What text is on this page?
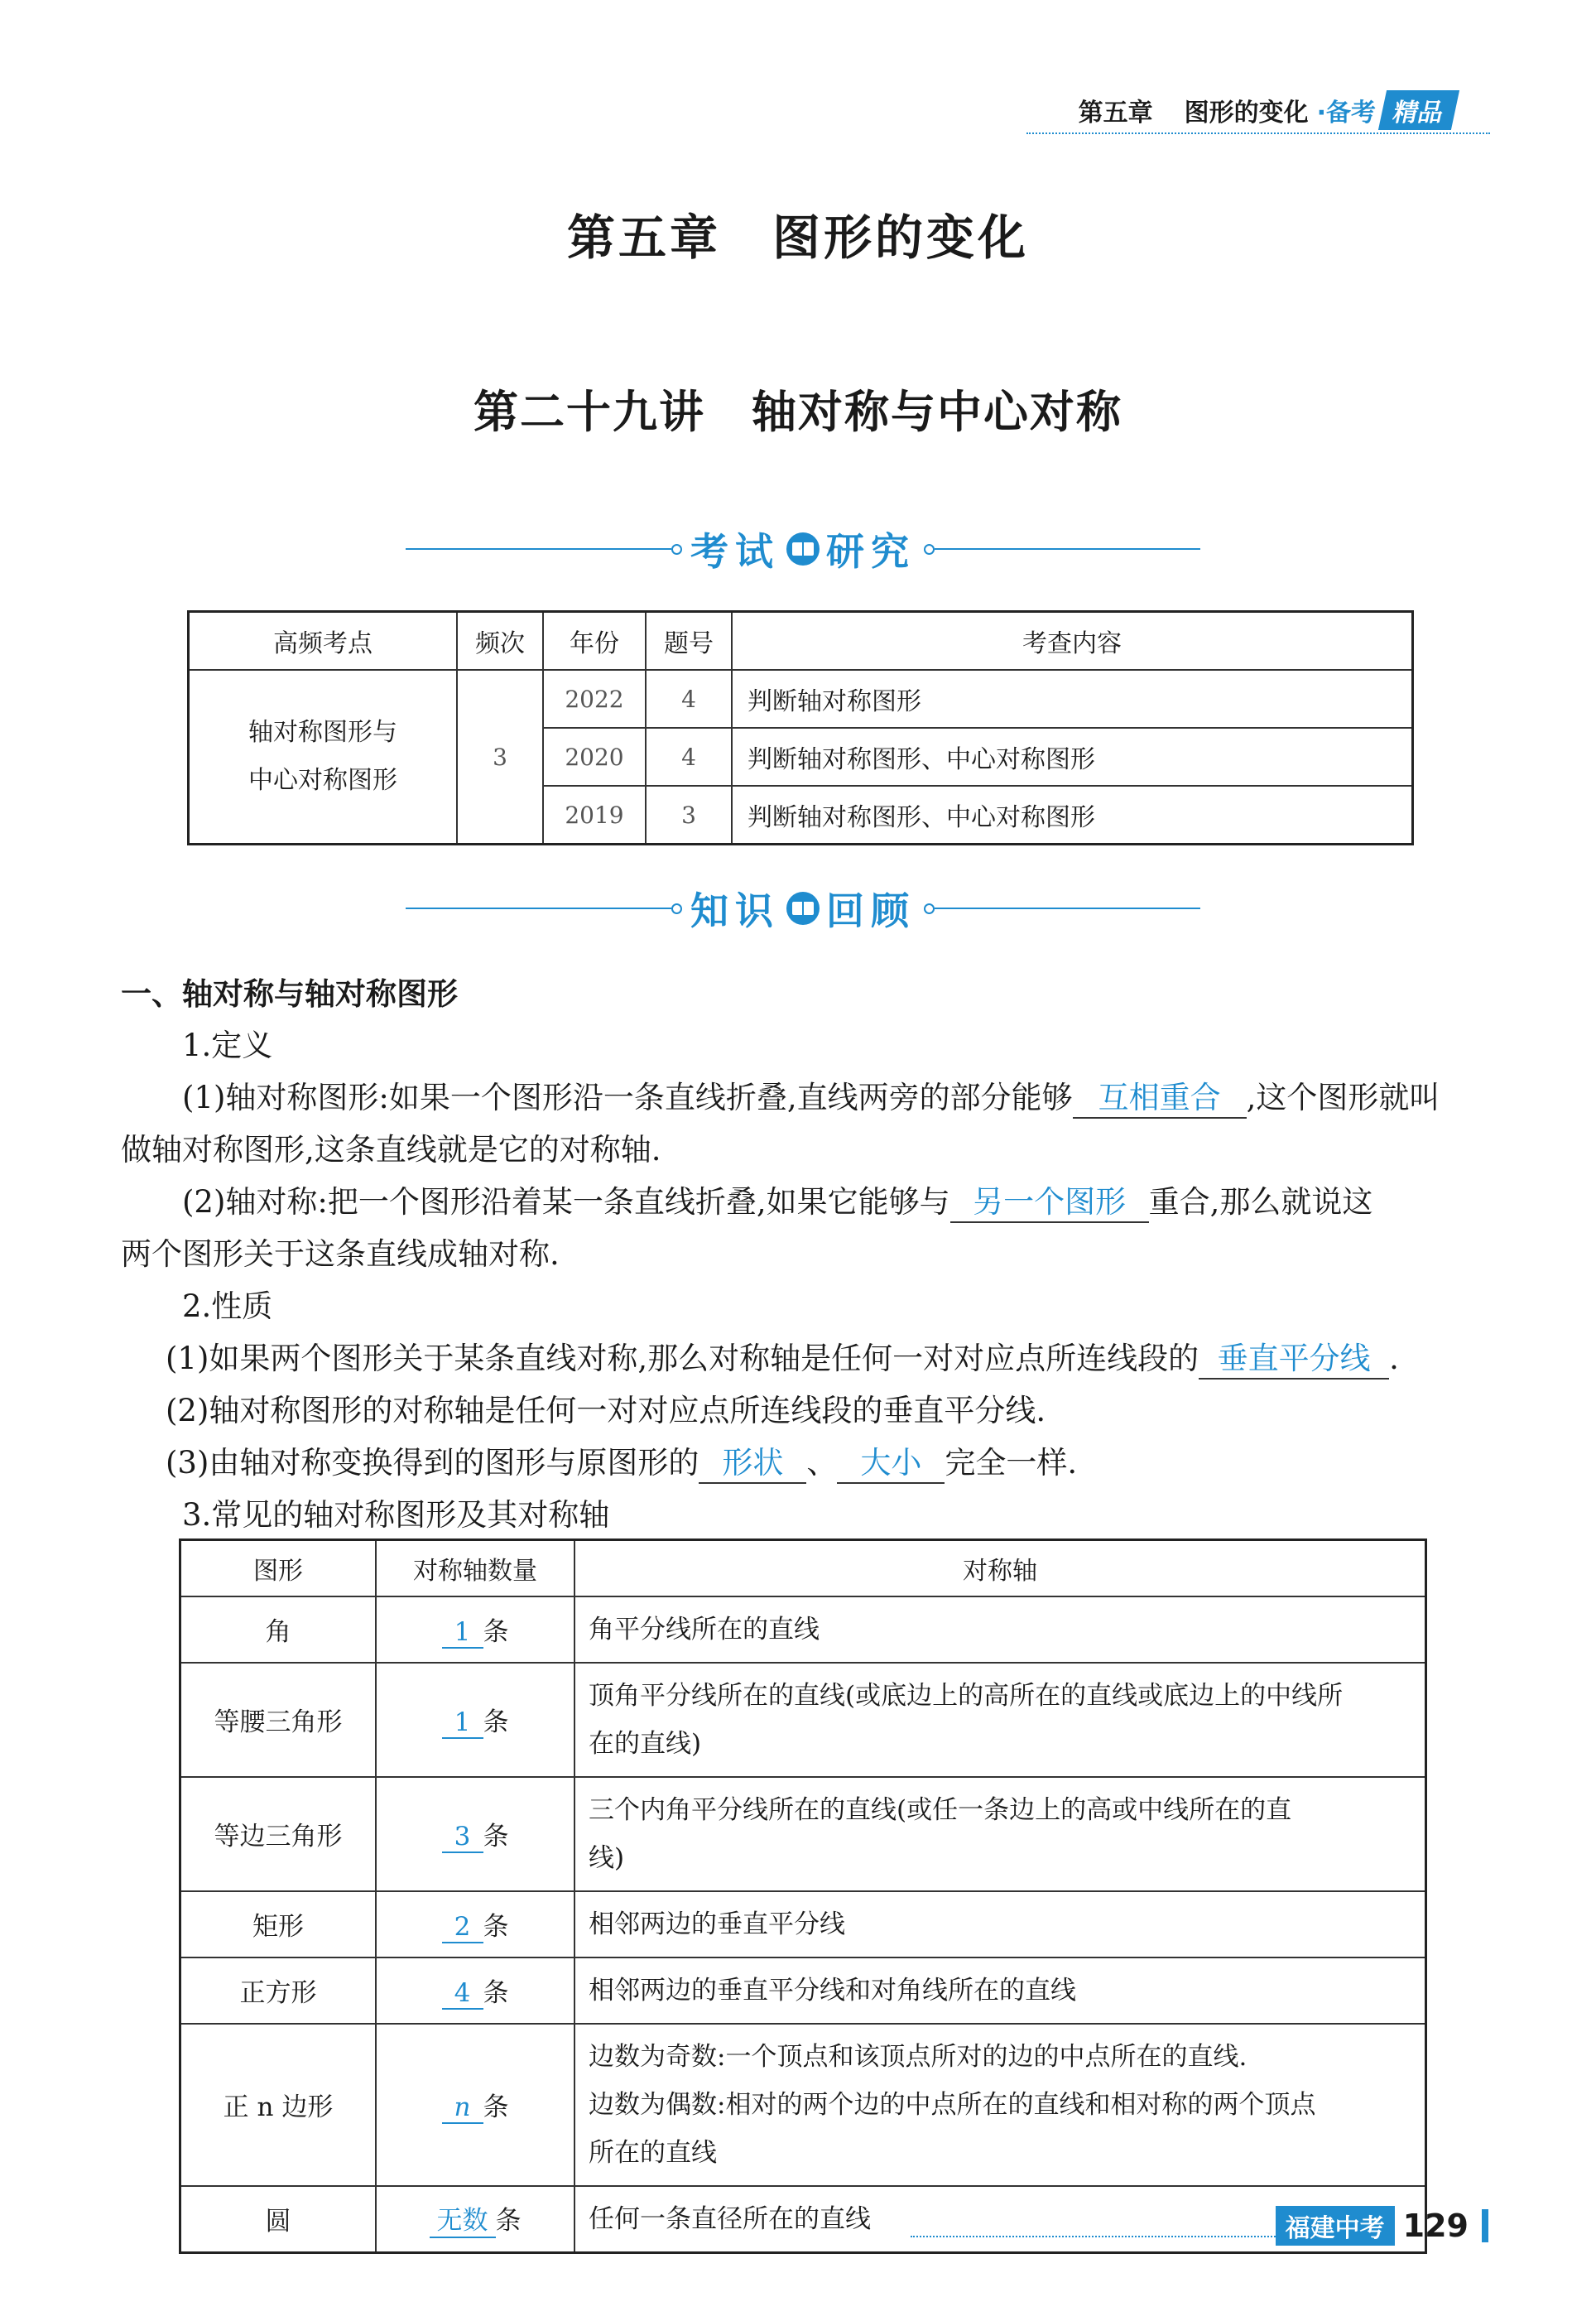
第五章 图形的变化 ·备考 精品
第五章　图形的变化
第二十九讲　轴对称与中心对称
考试 研究
高频考点	频次	年份	题号	考查内容

轴对称图形与
中心对称图形	3	2022	4	判断轴对称图形
		2020	4	判断轴对称图形、中心对称图形
		2019	3	判断轴对称图形、中心对称图形
知识 回顾
一、轴对称与轴对称图形
1.定义
(1)轴对称图形:如果一个图形沿一条直线折叠,直线两旁的部分能够 互相重合 ,这个图形就叫
做轴对称图形,这条直线就是它的对称轴.
(2)轴对称:把一个图形沿着某一条直线折叠,如果它能够与 另一个图形 重合,那么就说这
两个图形关于这条直线成轴对称.
2.性质
(1)如果两个图形关于某条直线对称,那么对称轴是任何一对对应点所连线段的 垂直平分线 .
(2)轴对称图形的对称轴是任何一对对应点所连线段的垂直平分线.
(3)由轴对称变换得到的图形与原图形的 形状 、 大小 完全一样.
3.常见的轴对称图形及其对称轴
图形	对称轴数量	对称轴
角	1 条	角平分线所在的直线

等腰三角形	1 条	顶角平分线所在的直线(或底边上的高所在的直线或底边上的中线所
在的直线)

等边三角形	3 条	三个内角平分线所在的直线(或任一条边上的高或中线所在的直
线)

矩形	2 条	相邻两边的垂直平分线

正方形	4 条	相邻两边的垂直平分线和对角线所在的直线

正 n 边形	n 条	边数为奇数:一个顶点和该顶点所对的边的中点所在的直线.
边数为偶数:相对的两个边的中点所在的直线和相对称的两个顶点
所在的直线

圆	无数 条	任何一条直径所在的直线	福建中考 129
